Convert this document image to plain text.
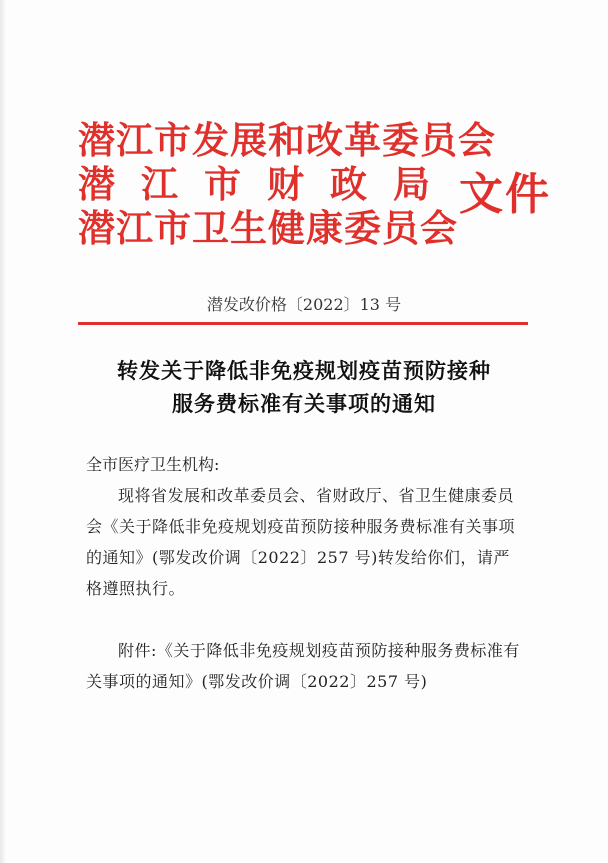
潜江市发展和改革委员会
潜 江 市 财 政 局
潜江市卫生健康委员会
文件
潜发改价格〔2022〕13 号
转发关于降低非免疫规划疫苗预防接种
服务费标准有关事项的通知
全市医疗卫生机构:
现将省发展和改革委员会、省财政厅、省卫生健康委员会《关于降低非免疫规划疫苗预防接种服务费标准有关事项的通知》(鄂发改价调〔2022〕257 号)转发给你们，请严格遵照执行。
附件:《关于降低非免疫规划疫苗预防接种服务费标准有关事项的通知》(鄂发改价调〔2022〕257 号)
